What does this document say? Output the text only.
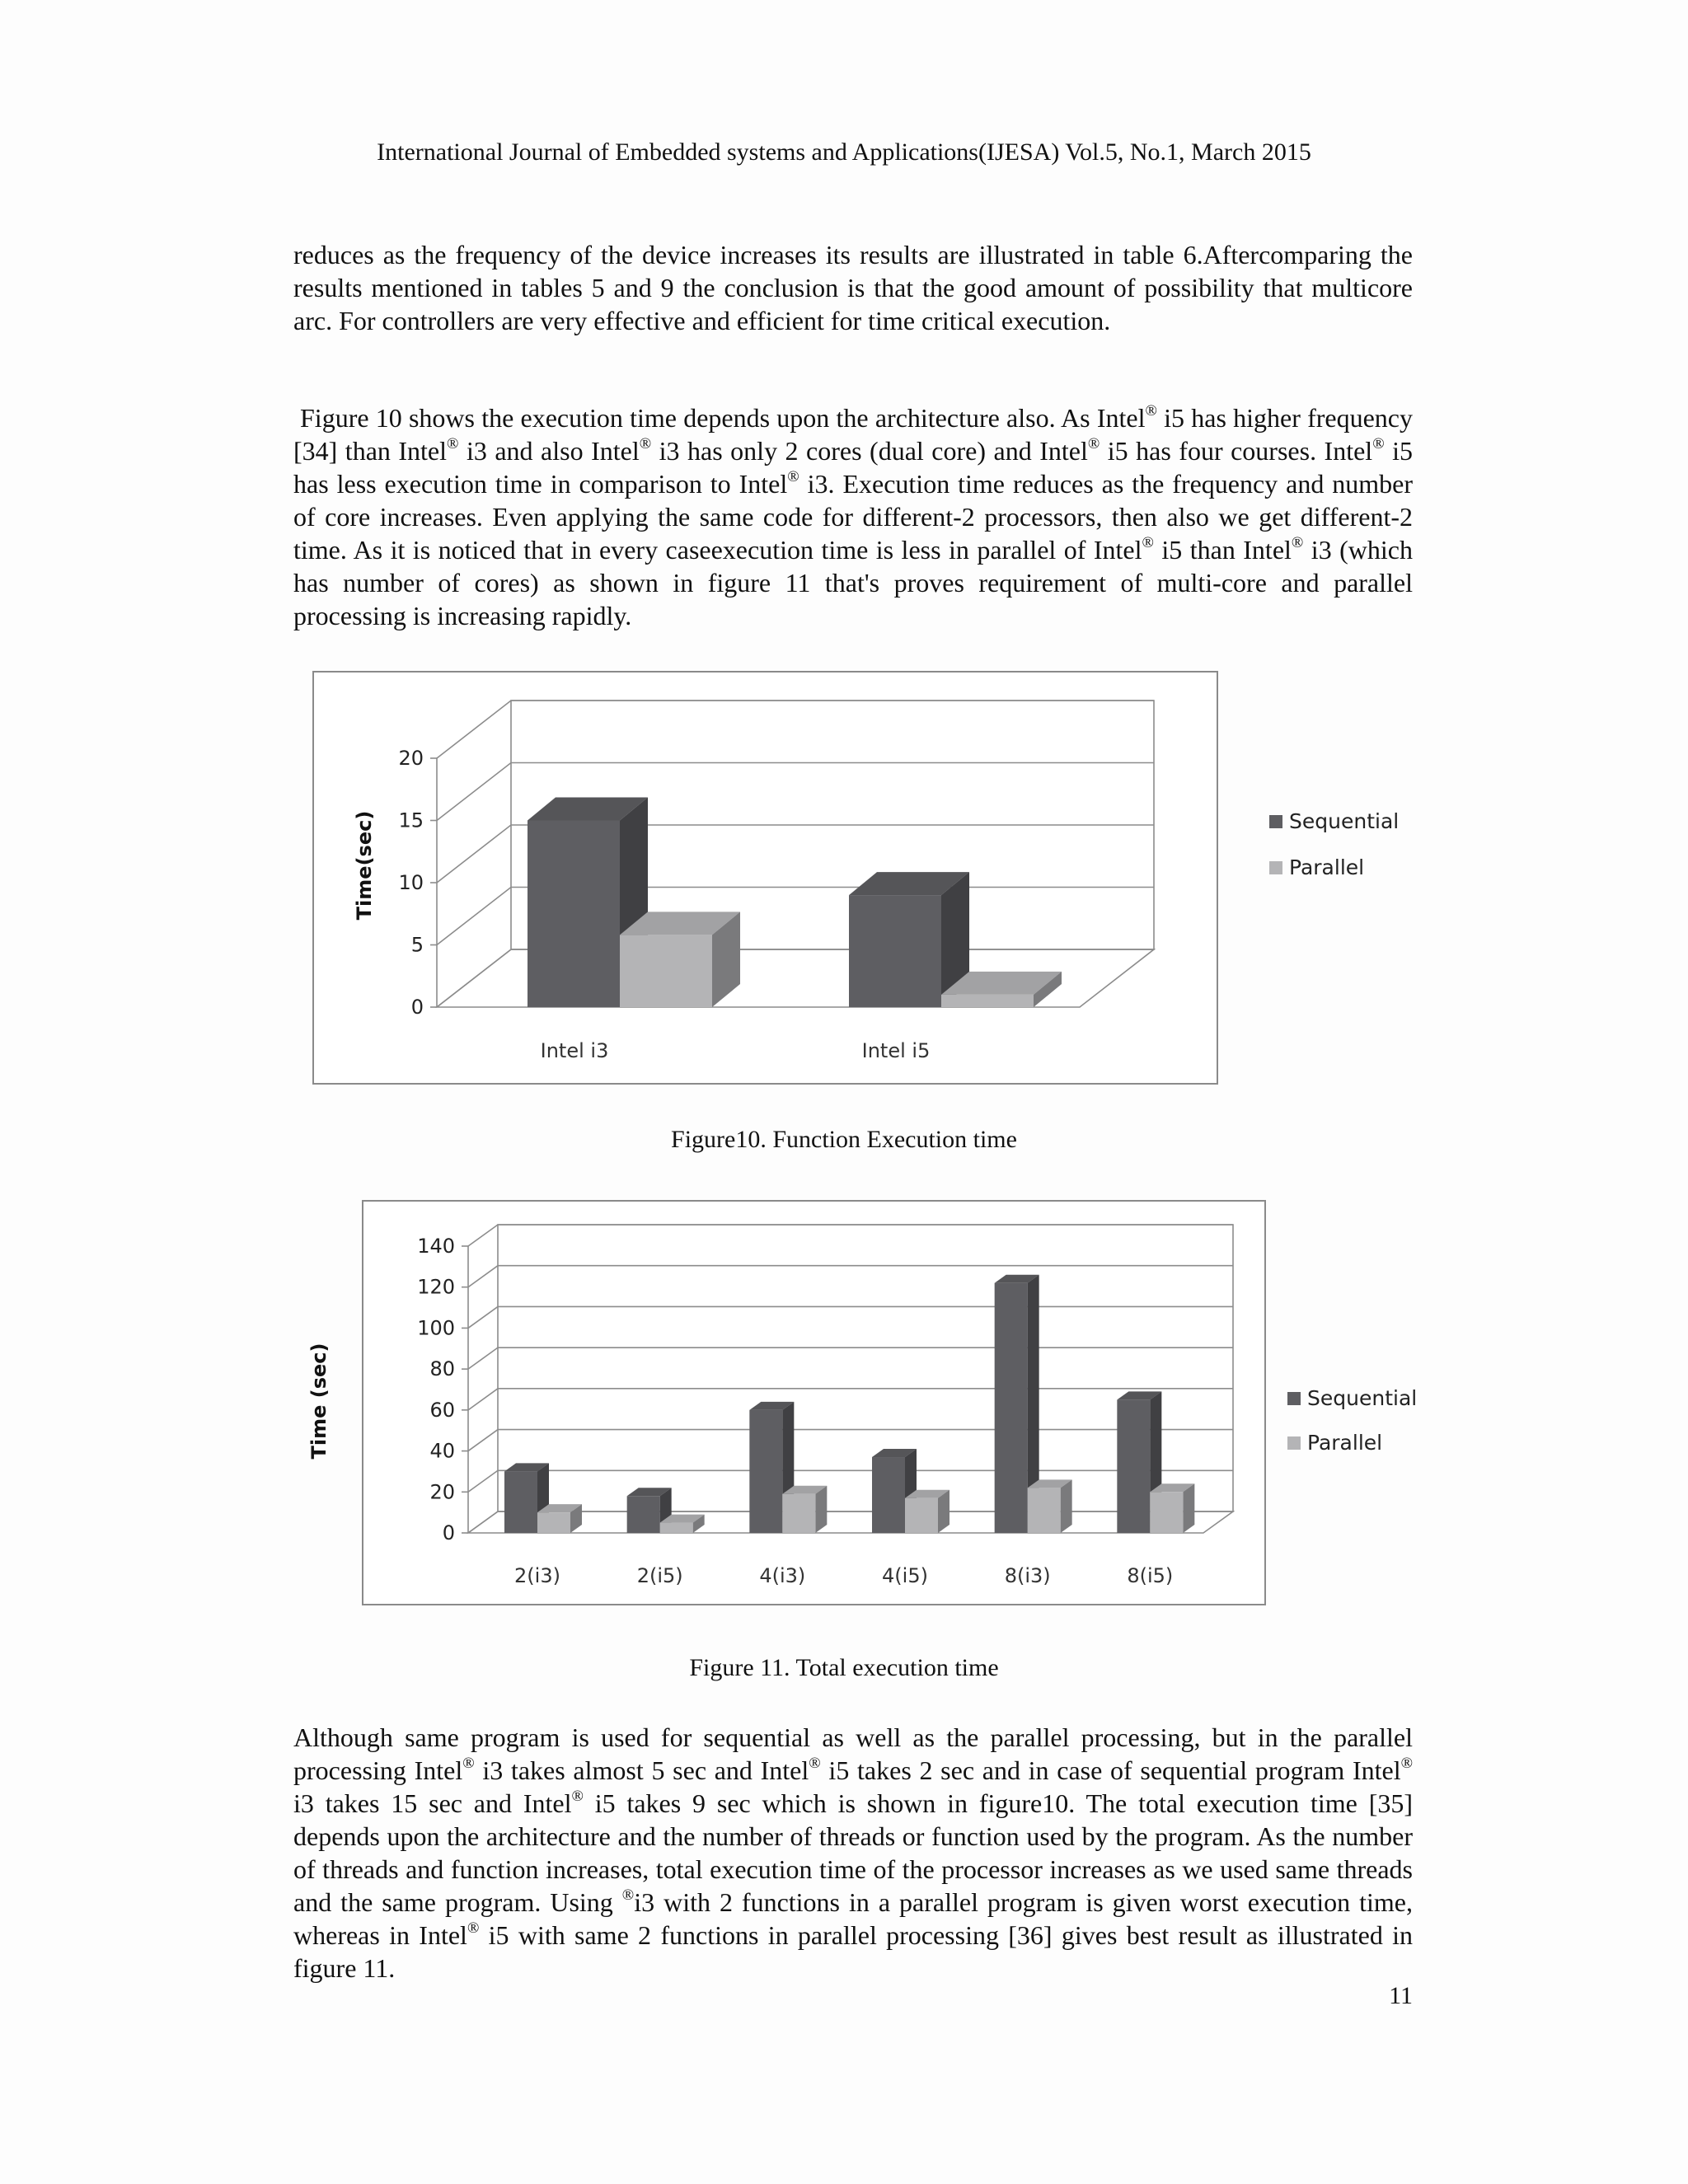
International Journal of Embedded systems and Applications(IJESA) Vol.5, No.1, March 2015

reduces as the frequency of the device increases its results are illustrated in table 6.Aftercomparing the results mentioned in tables 5 and 9 the conclusion is that the good amount of possibility that multicore arc. For controllers are very effective and efficient for time critical execution.

Figure 10 shows the execution time depends upon the architecture also. As Intel® i5 has higher frequency [34] than Intel® i3 and also Intel® i3 has only 2 cores (dual core) and Intel® i5 has four courses. Intel® i5 has less execution time in comparison to Intel® i3. Execution time reduces as the frequency and number of core increases. Even applying the same code for different-2 processors, then also we get different-2 time. As it is noticed that in every caseexecution time is less in parallel of Intel® i5 than Intel® i3 (which has number of cores) as shown in figure 11 that's proves requirement of multi-core and parallel processing is increasing rapidly.

0
5
10
15
20
Time(sec)
Intel i3	Intel i5
Sequential
Parallel
Figure10. Function Execution time
0
20
40
60
80
100
120
140
Time (sec)
2(i3)	2(i5)	4(i3)	4(i5)	8(i3)	8(i5)
Sequential
Parallel
Figure 11. Total execution time

Although same program is used for sequential as well as the parallel processing, but in the parallel processing Intel® i3 takes almost 5 sec and Intel® i5 takes 2 sec and in case of sequential program Intel® i3 takes 15 sec and Intel® i5 takes 9 sec which is shown in figure10. The total execution time [35] depends upon the architecture and the number of threads or function used by the program. As the number of threads and function increases, total execution time of the processor increases as we used same threads and the same program. Using ®i3 with 2 functions in a parallel program is given worst execution time, whereas in Intel® i5 with same 2 functions in parallel processing [36] gives best result as illustrated in figure 11.

11
